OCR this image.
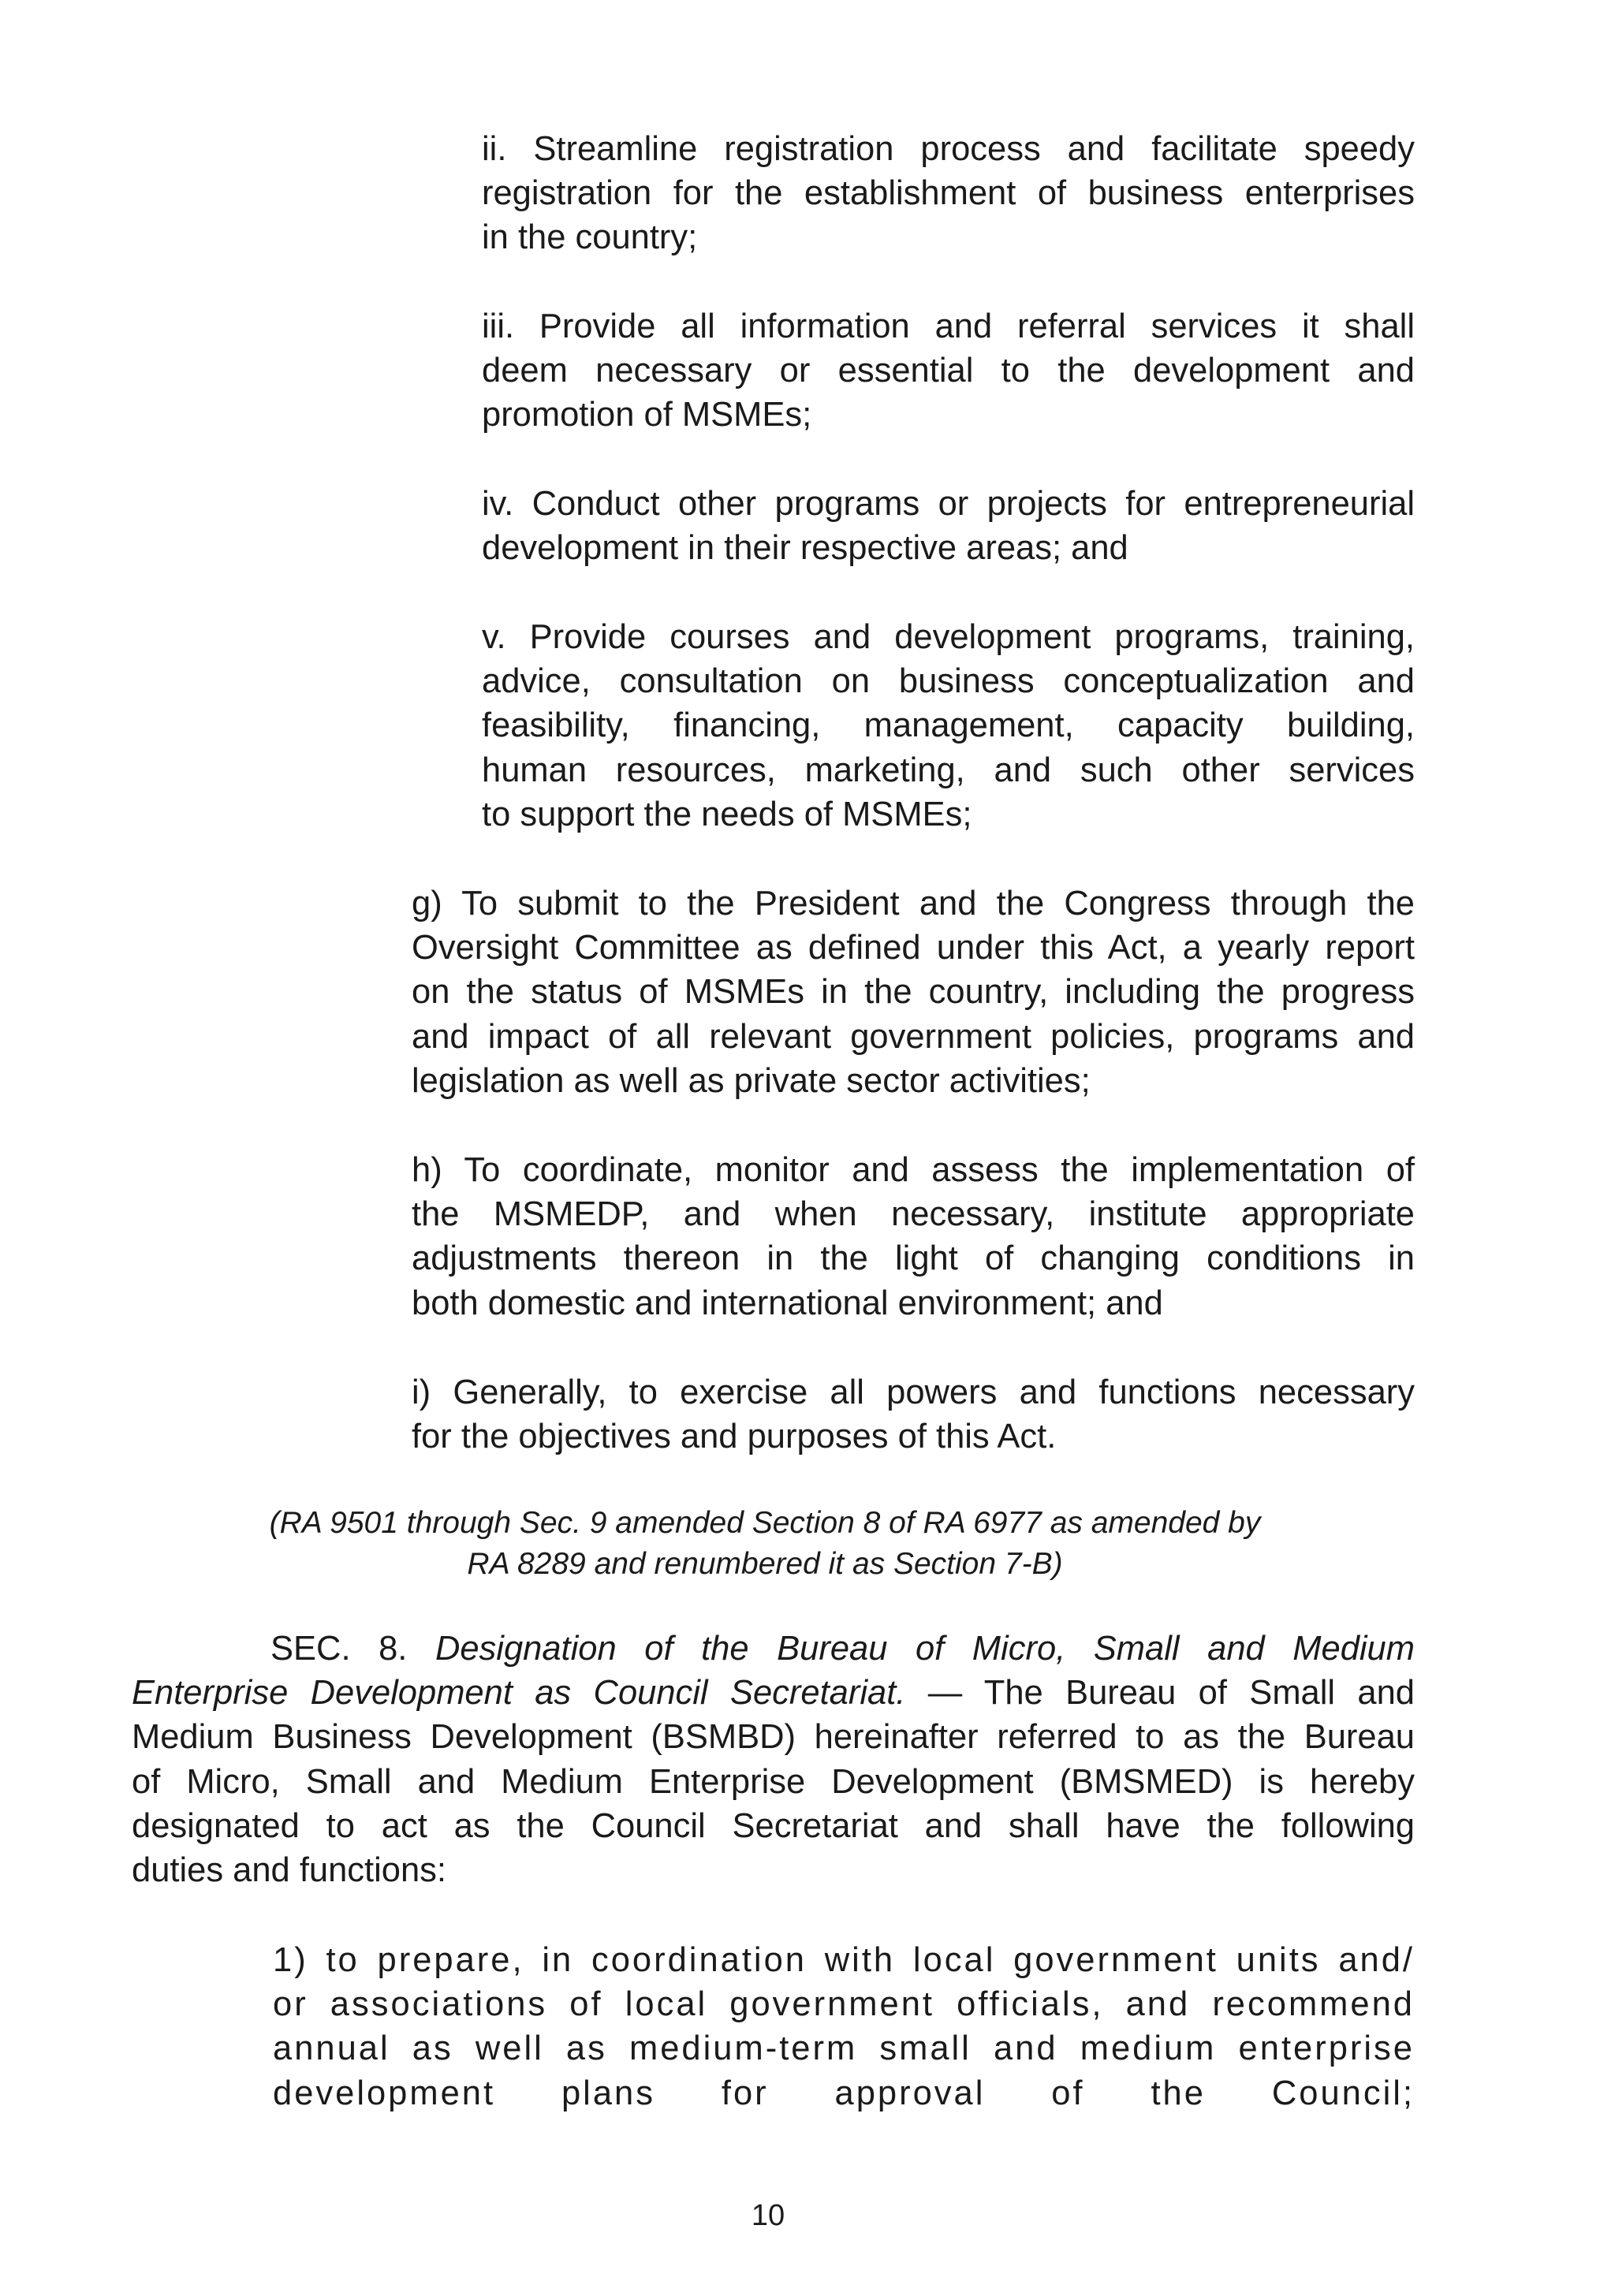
ii. Streamline registration process and facilitate speedy
registration for the establishment of business enterprises
in the country;

iii. Provide all information and referral services it shall
deem necessary or essential to the development and
promotion of MSMEs;

iv. Conduct other programs or projects for entrepreneurial
development in their respective areas; and

v. Provide courses and development programs, training,
advice, consultation on business conceptualization and
feasibility, financing, management, capacity building,
human resources, marketing, and such other services
to support the needs of MSMEs;

g) To submit to the President and the Congress through the
Oversight Committee as defined under this Act, a yearly report
on the status of MSMEs in the country, including the progress
and impact of all relevant government policies, programs and
legislation as well as private sector activities;

h) To coordinate, monitor and assess the implementation of
the MSMEDP, and when necessary, institute appropriate
adjustments thereon in the light of changing conditions in
both domestic and international environment; and

i) Generally, to exercise all powers and functions necessary
for the objectives and purposes of this Act.

(RA 9501 through Sec. 9 amended Section 8 of RA 6977 as amended by
RA 8289 and renumbered it as Section 7-B)

SEC. 8. Designation of the Bureau of Micro, Small and Medium
Enterprise Development as Council Secretariat. — The Bureau of Small and
Medium Business Development (BSMBD) hereinafter referred to as the Bureau
of Micro, Small and Medium Enterprise Development (BMSMED) is hereby
designated to act as the Council Secretariat and shall have the following
duties and functions:

1) to prepare, in coordination with local government units and/
or associations of local government officials, and recommend
annual as well as medium-term small and medium enterprise
development plans for approval of the Council;

10
